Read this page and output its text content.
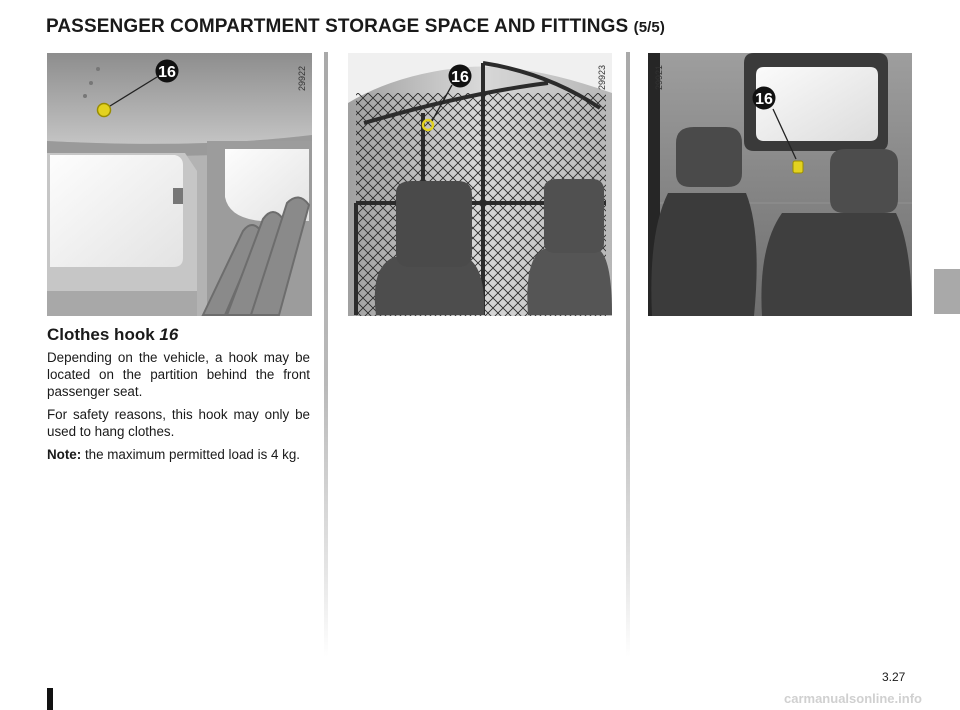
PASSENGER COMPARTMENT STORAGE SPACE AND FITTINGS (5/5)
16	29922	16	29923
16
29921
Clothes hook 16

Depending on the vehicle, a hook may be located on the partition behind the front passenger seat.

For safety reasons, this hook may only be used to hang clothes.

Note: the maximum permitted load is 4 kg.

3.27
carmanualsonline.info
